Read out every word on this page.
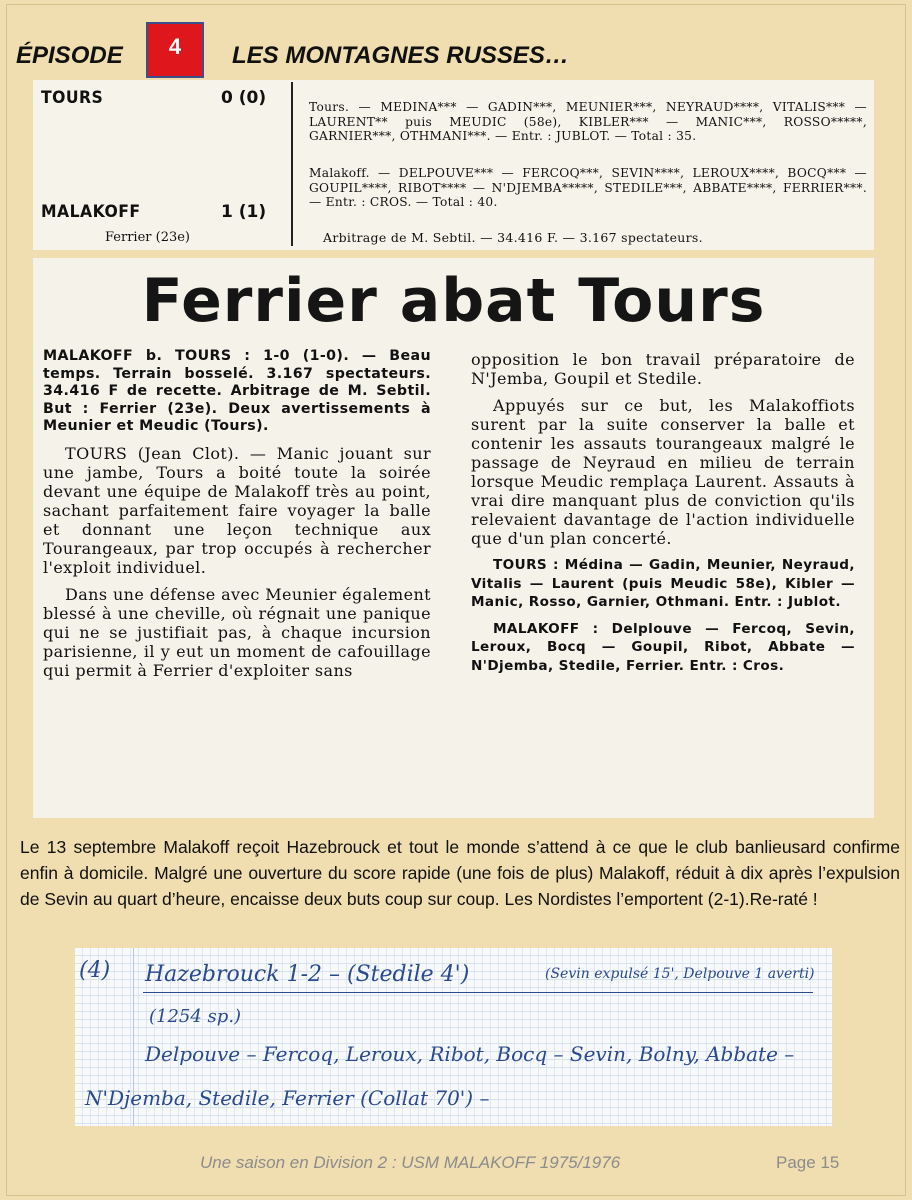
ÉPISODE	4	LES MONTAGNES RUSSES…
TOURS	0 (0)
MALAKOFF	1 (1)
Ferrier (23e)
Tours. — MEDINA*** — GADIN***, MEUNIER***, NEYRAUD****, VITALIS*** — LAURENT** puis MEUDIC (58e), KIBLER*** — MANIC***, ROSSO*****, GARNIER***, OTHMANI***. — Entr. : JUBLOT. — Total : 35.
Malakoff. — DELPOUVE*** — FERCOQ***, SEVIN****, LEROUX****, BOCQ*** — GOUPIL****, RIBOT**** — N'DJEMBA*****, STEDILE***, ABBATE****, FERRIER***. — Entr. : CROS. — Total : 40.
Arbitrage de M. Sebtil. — 34.416 F. — 3.167 spectateurs.
Ferrier abat Tours

MALAKOFF b. TOURS : 1-0 (1-0). — Beau temps. Terrain bosselé. 3.167 spectateurs. 34.416 F de recette. Arbitrage de M. Sebtil. But : Ferrier (23e). Deux avertissements à Meunier et Meudic (Tours).

TOURS (Jean Clot). — Manic jouant sur une jambe, Tours a boité toute la soirée devant une équipe de Malakoff très au point, sachant parfaitement faire voyager la balle et donnant une leçon technique aux Tourangeaux, par trop occupés à rechercher l'exploit individuel.

Dans une défense avec Meunier également blessé à une cheville, où régnait une panique qui ne se justifiait pas, à chaque incursion parisienne, il y eut un moment de cafouillage qui permit à Ferrier d'exploiter sans

opposition le bon travail préparatoire de N'Jemba, Goupil et Stedile.

Appuyés sur ce but, les Malakoffiots surent par la suite conserver la balle et contenir les assauts tourangeaux malgré le passage de Neyraud en milieu de terrain lorsque Meudic remplaça Laurent. Assauts à vrai dire manquant plus de conviction qu'ils relevaient davantage de l'action individuelle que d'un plan concerté.

TOURS : Médina — Gadin, Meunier, Neyraud, Vitalis — Laurent (puis Meudic 58e), Kibler — Manic, Rosso, Garnier, Othmani. Entr. : Jublot.

MALAKOFF : Delplouve — Fercoq, Sevin, Leroux, Bocq — Goupil, Ribot, Abbate — N'Djemba, Stedile, Ferrier. Entr. : Cros.

Le 13 septembre Malakoff reçoit Hazebrouck et tout le monde s’attend à ce que le club banlieusard confirme enfin à domicile. Malgré une ouverture du score rapide (une fois de plus) Malakoff, réduit à dix après l’expulsion de Sevin au quart d’heure, encaisse deux buts coup sur coup. Les Nordistes l’emportent (2-1).Re-raté !
(4) Hazebrouck 1-2 – (Stedile 4')	(Sevin expulsé 15', Delpouve 1 averti)
(1254 sp.)
Delpouve – Fercoq, Leroux, Ribot, Bocq – Sevin, Bolny, Abbate –
N'Djemba, Stedile, Ferrier (Collat 70') –
Une saison en Division 2 : USM MALAKOFF 1975/1976	Page 15
